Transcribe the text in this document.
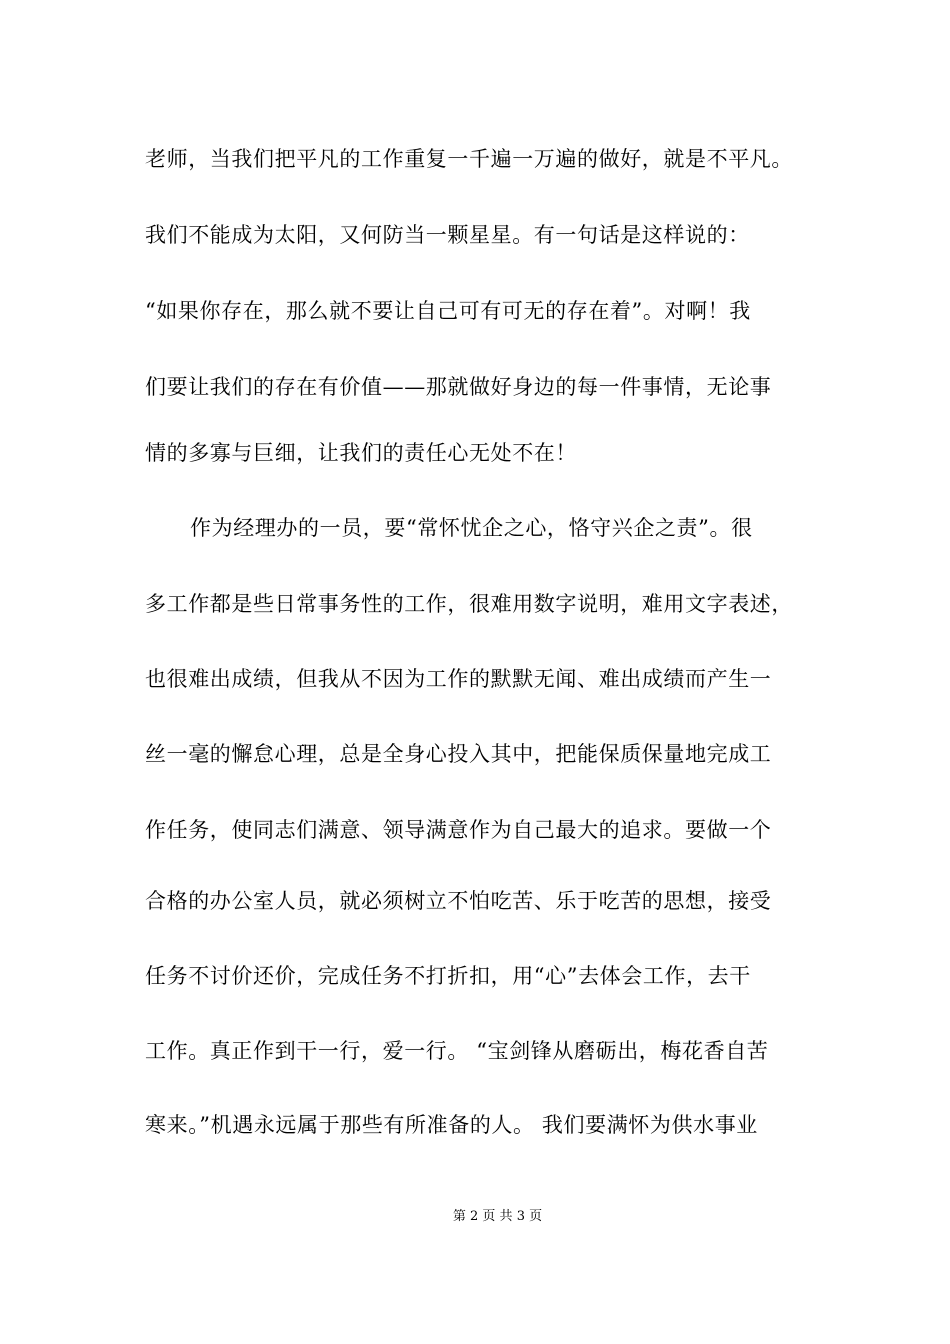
老师，当我们把平凡的工作重复一千遍一万遍的做好，就是不平凡。
我们不能成为太阳，又何防当一颗星星。有一句话是这样说的：
“如果你存在，那么就不要让自己可有可无的存在着”。对啊！我
们要让我们的存在有价值——那就做好身边的每一件事情，无论事
情的多寡与巨细，让我们的责任心无处不在！
作为经理办的一员，要“常怀忧企之心，恪守兴企之责”。很
多工作都是些日常事务性的工作，很难用数字说明，难用文字表述，
也很难出成绩，但我从不因为工作的默默无闻、难出成绩而产生一
丝一毫的懈怠心理，总是全身心投入其中，把能保质保量地完成工
作任务，使同志们满意、领导满意作为自己最大的追求。要做一个
合格的办公室人员，就必须树立不怕吃苦、乐于吃苦的思想，接受
任务不讨价还价，完成任务不打折扣，用“心”去体会工作，去干
工作。真正作到干一行，爱一行。 “宝剑锋从磨砺出，梅花香自苦
寒来。”机遇永远属于那些有所准备的人。 我们要满怀为供水事业
第 2 页 共 3 页
